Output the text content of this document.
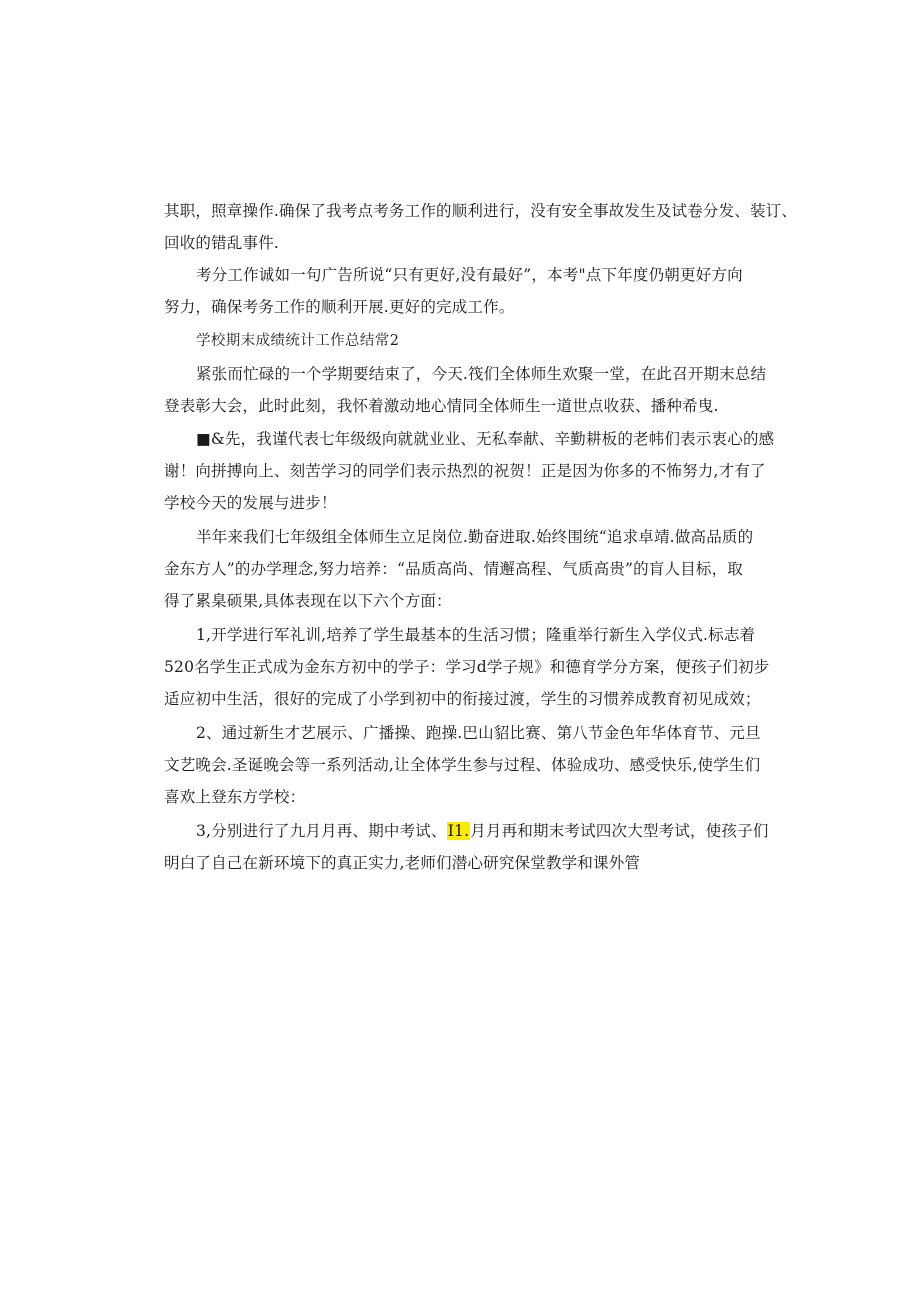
其职，照章操作.确保了我考点考务工作的顺利进行，没有安全事故发生及试卷分发、装订、
回收的错乱事件.
考分工作诚如一句广告所说“只有更好,没有最好”，本考"点下年度仍朝更好方向
努力，确保考务工作的顺利开展.更好的完成工作。
学校期末成绩统计工作总结常2
紧张而忙碌的一个学期要结束了，今天.筏们全体师生欢聚一堂，在此召开期末总结
登表彰大会，此时此刻，我怀着激动地心情同全体师生一道世点收获、播种希曳.
■&先，我谨代表七年级级向就就业业、无私奉献、辛勤耕板的老帏们表示衷心的感
谢！向拼搏向上、刻苦学习的同学们表示热烈的祝贺！正是因为你多的不怖努力,才有了
学校今天的发展与进步！
半年来我们七年级组全体师生立足岗位.勤奋进取.始终围统“追求卓靖.做高品质的
金东方人”的办学理念,努力培养：“品质高尚、情邂高程、气质高贵”的肓人目标，取
得了累臬硕果,具体表现在以下六个方面：
1,开学进行军礼训,培养了学生最基本的生活习惯；隆重举行新生入学仪式.标志着
520名学生正式成为金东方初中的学子：学习d学子规》和德育学分方案，便孩子们初步
适应初中生活，很好的完成了小学到初中的衔接过渡，学生的习惯养成教育初见成效；
2、通过新生才艺展示、广播操、跑操.巴山貂比赛、第八节金色年华体育节、元旦
文艺晚会.圣诞晚会等一系列活动,让全体学生参与过程、体验成功、感受快乐,使学生们
喜欢上登东方学校：
3,分别进行了九月月再、期中考试、I1.月月再和期末考试四次大型考试，使孩子们
明白了自己在新环境下的真正实力,老师们潜心研究保堂教学和课外管
